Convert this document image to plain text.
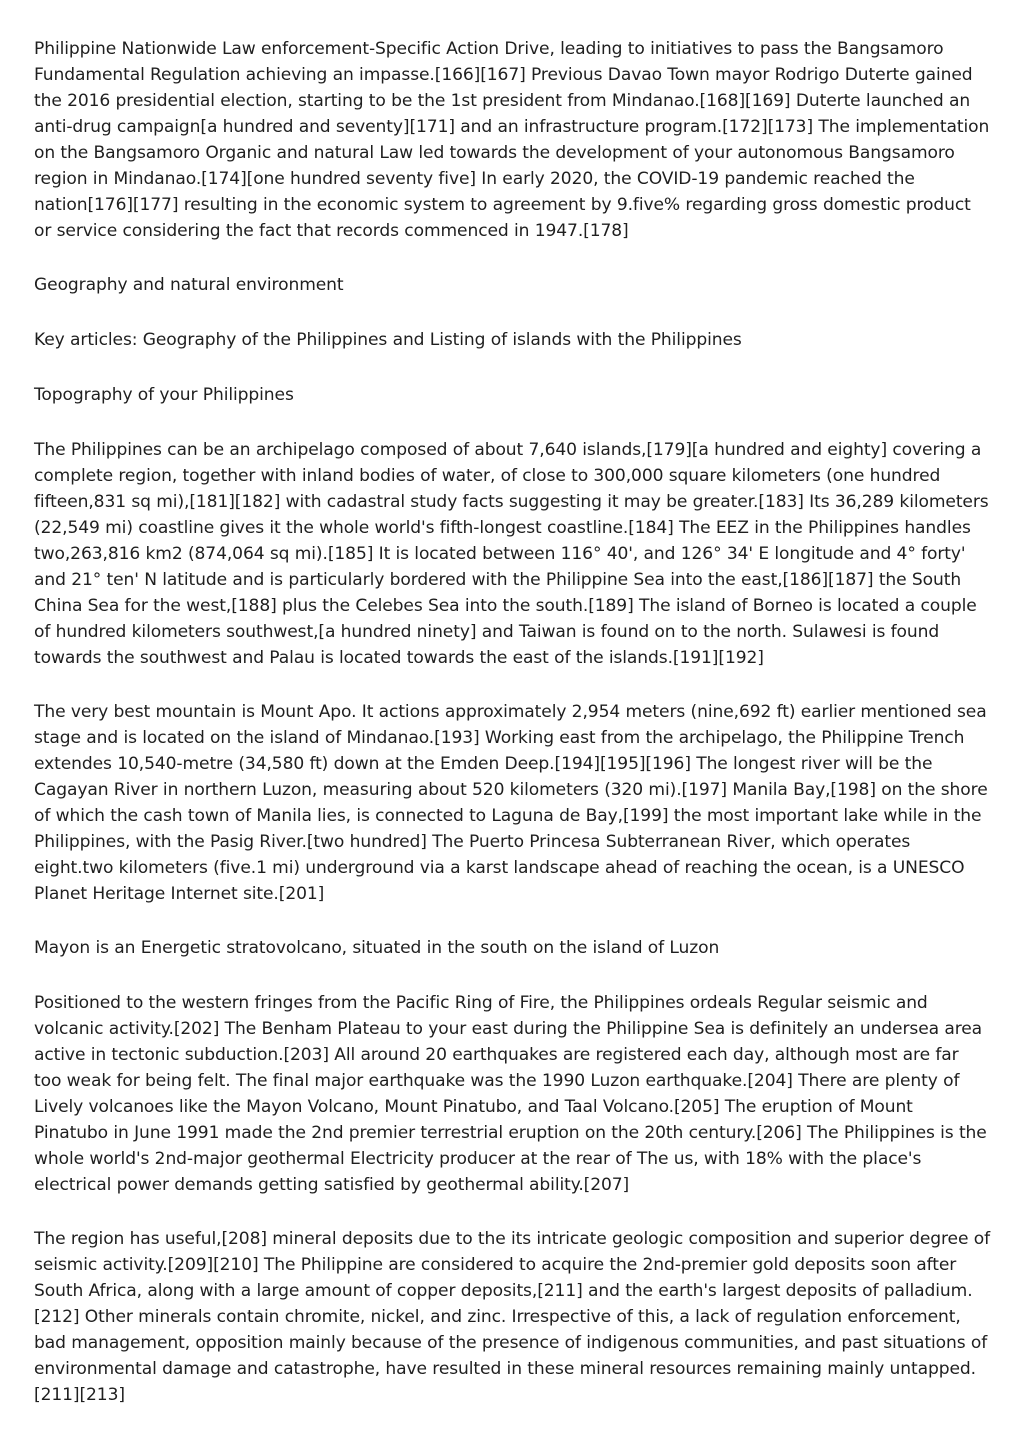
Philippine Nationwide Law enforcement-Specific Action Drive, leading to initiatives to pass the Bangsamoro Fundamental Regulation achieving an impasse.[166][167] Previous Davao Town mayor Rodrigo Duterte gained the 2016 presidential election, starting to be the 1st president from Mindanao.[168][169] Duterte launched an anti-drug campaign[a hundred and seventy][171] and an infrastructure program.[172][173] The implementation on the Bangsamoro Organic and natural Law led towards the development of your autonomous Bangsamoro region in Mindanao.[174][one hundred seventy five] In early 2020, the COVID-19 pandemic reached the nation[176][177] resulting in the economic system to agreement by 9.five% regarding gross domestic product or service considering the fact that records commenced in 1947.[178]

Geography and natural environment

Key articles: Geography of the Philippines and Listing of islands with the Philippines

Topography of your Philippines

The Philippines can be an archipelago composed of about 7,640 islands,[179][a hundred and eighty] covering a complete region, together with inland bodies of water, of close to 300,000 square kilometers (one hundred fifteen,831 sq mi),[181][182] with cadastral study facts suggesting it may be greater.[183] Its 36,289 kilometers (22,549 mi) coastline gives it the whole world's fifth-longest coastline.[184] The EEZ in the Philippines handles two,263,816 km2 (874,064 sq mi).[185] It is located between 116° 40', and 126° 34' E longitude and 4° forty' and 21° ten' N latitude and is particularly bordered with the Philippine Sea into the east,[186][187] the South China Sea for the west,[188] plus the Celebes Sea into the south.[189] The island of Borneo is located a couple of hundred kilometers southwest,[a hundred ninety] and Taiwan is found on to the north. Sulawesi is found towards the southwest and Palau is located towards the east of the islands.[191][192]

The very best mountain is Mount Apo. It actions approximately 2,954 meters (nine,692 ft) earlier mentioned sea stage and is located on the island of Mindanao.[193] Working east from the archipelago, the Philippine Trench extendes 10,540-metre (34,580 ft) down at the Emden Deep.[194][195][196] The longest river will be the Cagayan River in northern Luzon, measuring about 520 kilometers (320 mi).[197] Manila Bay,[198] on the shore of which the cash town of Manila lies, is connected to Laguna de Bay,[199] the most important lake while in the Philippines, with the Pasig River.[two hundred] The Puerto Princesa Subterranean River, which operates eight.two kilometers (five.1 mi) underground via a karst landscape ahead of reaching the ocean, is a UNESCO Planet Heritage Internet site.[201]

Mayon is an Energetic stratovolcano, situated in the south on the island of Luzon

Positioned to the western fringes from the Pacific Ring of Fire, the Philippines ordeals Regular seismic and volcanic activity.[202] The Benham Plateau to your east during the Philippine Sea is definitely an undersea area active in tectonic subduction.[203] All around 20 earthquakes are registered each day, although most are far too weak for being felt. The final major earthquake was the 1990 Luzon earthquake.[204] There are plenty of Lively volcanoes like the Mayon Volcano, Mount Pinatubo, and Taal Volcano.[205] The eruption of Mount Pinatubo in June 1991 made the 2nd premier terrestrial eruption on the 20th century.[206] The Philippines is the whole world's 2nd-major geothermal Electricity producer at the rear of The us, with 18% with the place's electrical power demands getting satisfied by geothermal ability.[207]

The region has useful,[208] mineral deposits due to the its intricate geologic composition and superior degree of seismic activity.[209][210] The Philippine are considered to acquire the 2nd-premier gold deposits soon after South Africa, along with a large amount of copper deposits,[211] and the earth's largest deposits of palladium.[212] Other minerals contain chromite, nickel, and zinc. Irrespective of this, a lack of regulation enforcement, bad management, opposition mainly because of the presence of indigenous communities, and past situations of environmental damage and catastrophe, have resulted in these mineral resources remaining mainly untapped.[211][213]
